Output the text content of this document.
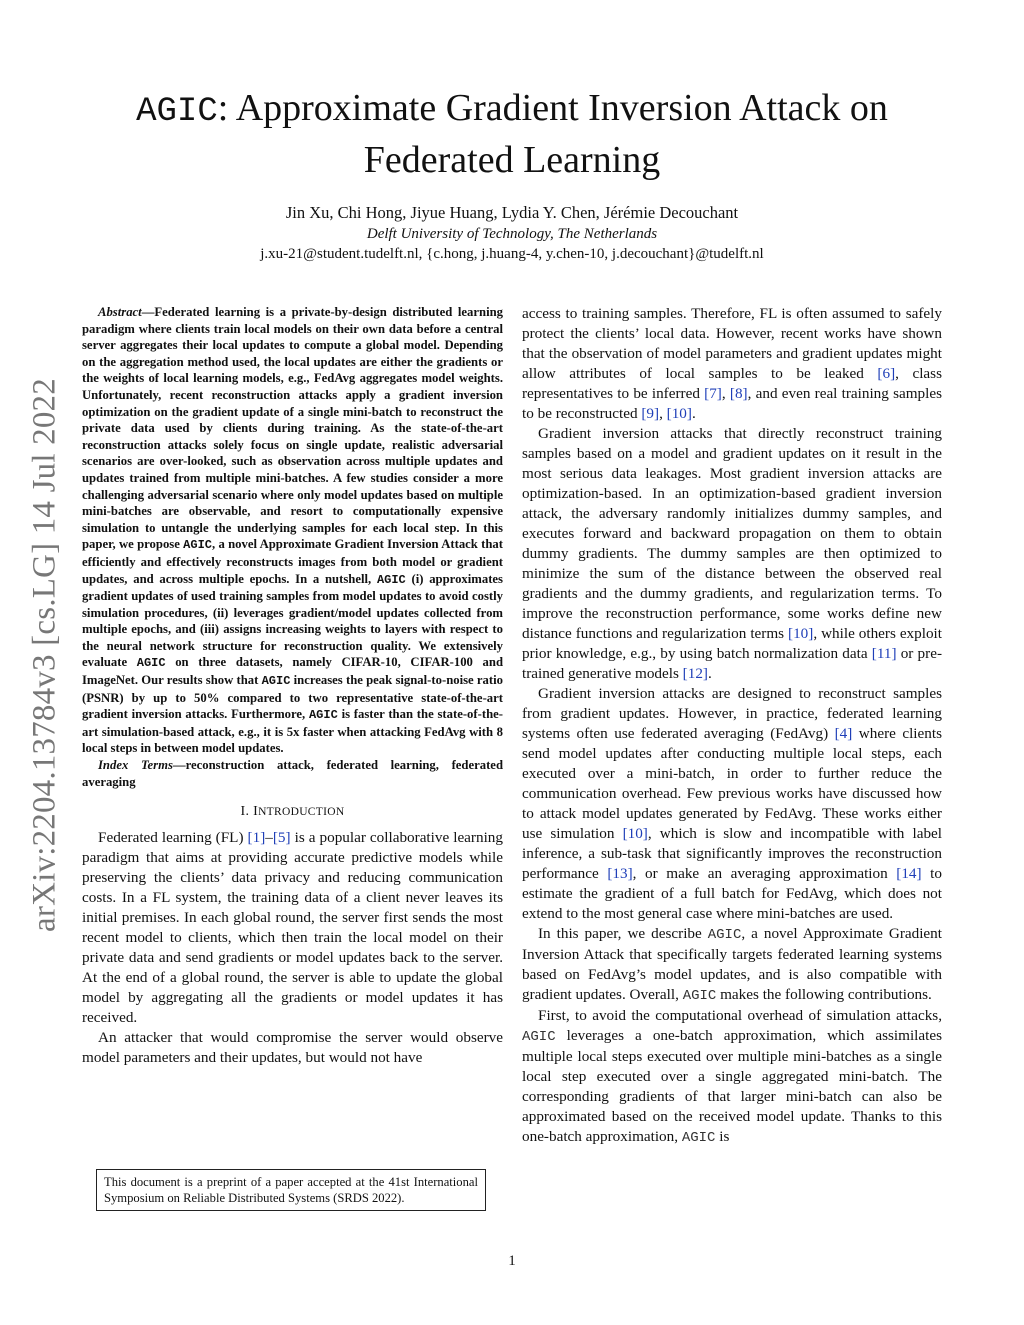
arXiv:2204.13784v3 [cs.LG] 14 Jul 2022
AGIC: Approximate Gradient Inversion Attack on Federated Learning
Jin Xu, Chi Hong, Jiyue Huang, Lydia Y. Chen, Jérémie Decouchant
Delft University of Technology, The Netherlands
j.xu-21@student.tudelft.nl, {c.hong, j.huang-4, y.chen-10, j.decouchant}@tudelft.nl

Abstract—Federated learning is a private-by-design distributed learning paradigm where clients train local models on their own data before a central server aggregates their local updates to compute a global model. Depending on the aggregation method used, the local updates are either the gradients or the weights of local learning models, e.g., FedAvg aggregates model weights. Unfortunately, recent reconstruction attacks apply a gradient inversion optimization on the gradient update of a single mini-batch to reconstruct the private data used by clients during training. As the state-of-the-art reconstruction attacks solely focus on single update, realistic adversarial scenarios are over-looked, such as observation across multiple updates and updates trained from multiple mini-batches. A few studies consider a more challenging adversarial scenario where only model updates based on multiple mini-batches are observable, and resort to computationally expensive simulation to untangle the underlying samples for each local step. In this paper, we propose AGIC, a novel Approximate Gradient Inversion Attack that efficiently and effectively reconstructs images from both model or gradient updates, and across multiple epochs. In a nutshell, AGIC (i) approximates gradient updates of used training samples from model updates to avoid costly simulation procedures, (ii) leverages gradient/model updates collected from multiple epochs, and (iii) assigns increasing weights to layers with respect to the neural network structure for reconstruction quality. We extensively evaluate AGIC on three datasets, namely CIFAR-10, CIFAR-100 and ImageNet. Our results show that AGIC increases the peak signal-to-noise ratio (PSNR) by up to 50% compared to two representative state-of-the-art gradient inversion attacks. Furthermore, AGIC is faster than the state-of-the-art simulation-based attack, e.g., it is 5x faster when attacking FedAvg with 8 local steps in between model updates.

Index Terms—reconstruction attack, federated learning, federated averaging

I. INTRODUCTION

Federated learning (FL) [1]–[5] is a popular collaborative learning paradigm that aims at providing accurate predictive models while preserving the clients’ data privacy and reducing communication costs. In a FL system, the training data of a client never leaves its initial premises. In each global round, the server first sends the most recent model to clients, which then train the local model on their private data and send gradients or model updates back to the server. At the end of a global round, the server is able to update the global model by aggregating all the gradients or model updates it has received.

An attacker that would compromise the server would observe model parameters and their updates, but would not have

This document is a preprint of a paper accepted at the 41st International Symposium on Reliable Distributed Systems (SRDS 2022).

access to training samples. Therefore, FL is often assumed to safely protect the clients’ local data. However, recent works have shown that the observation of model parameters and gradient updates might allow attributes of local samples to be leaked [6], class representatives to be inferred [7], [8], and even real training samples to be reconstructed [9], [10].

Gradient inversion attacks that directly reconstruct training samples based on a model and gradient updates on it result in the most serious data leakages. Most gradient inversion attacks are optimization-based. In an optimization-based gradient inversion attack, the adversary randomly initializes dummy samples, and executes forward and backward propagation on them to obtain dummy gradients. The dummy samples are then optimized to minimize the sum of the distance between the observed real gradients and the dummy gradients, and regularization terms. To improve the reconstruction performance, some works define new distance functions and regularization terms [10], while others exploit prior knowledge, e.g., by using batch normalization data [11] or pre-trained generative models [12].

Gradient inversion attacks are designed to reconstruct samples from gradient updates. However, in practice, federated learning systems often use federated averaging (FedAvg) [4] where clients send model updates after conducting multiple local steps, each executed over a mini-batch, in order to further reduce the communication overhead. Few previous works have discussed how to attack model updates generated by FedAvg. These works either use simulation [10], which is slow and incompatible with label inference, a sub-task that significantly improves the reconstruction performance [13], or make an averaging approximation [14] to estimate the gradient of a full batch for FedAvg, which does not extend to the most general case where mini-batches are used.

In this paper, we describe AGIC, a novel Approximate Gradient Inversion Attack that specifically targets federated learning systems based on FedAvg’s model updates, and is also compatible with gradient updates. Overall, AGIC makes the following contributions.

First, to avoid the computational overhead of simulation attacks, AGIC leverages a one-batch approximation, which assimilates multiple local steps executed over multiple mini-batches as a single local step executed over a single aggregated mini-batch. The corresponding gradients of that larger mini-batch can also be approximated based on the received model update. Thanks to this one-batch approximation, AGIC is

1
